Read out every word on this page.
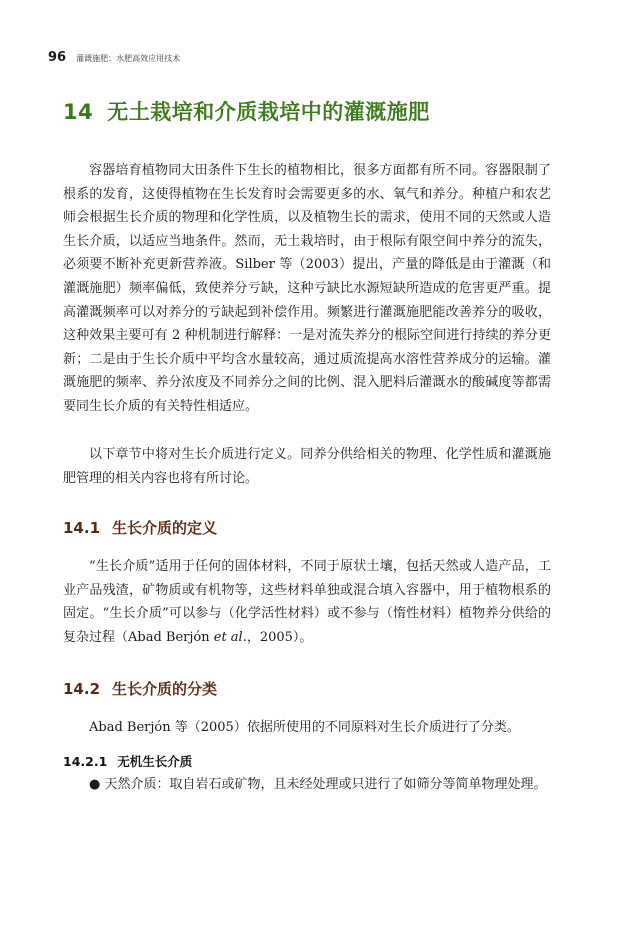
96 灌溉施肥：水肥高效应用技术
14 无土栽培和介质栽培中的灌溉施肥

容器培育植物同大田条件下生长的植物相比，很多方面都有所不同。容器限制了根系的发育，这使得植物在生长发育时会需要更多的水、氧气和养分。种植户和农艺师会根据生长介质的物理和化学性质，以及植物生长的需求，使用不同的天然或人造生长介质，以适应当地条件。然而，无土栽培时，由于根际有限空间中养分的流失，必须要不断补充更新营养液。Silber 等（2003）提出，产量的降低是由于灌溉（和灌溉施肥）频率偏低，致使养分亏缺，这种亏缺比水源短缺所造成的危害更严重。提高灌溉频率可以对养分的亏缺起到补偿作用。频繁进行灌溉施肥能改善养分的吸收，这种效果主要可有 2 种机制进行解释：一是对流失养分的根际空间进行持续的养分更新；二是由于生长介质中平均含水量较高，通过质流提高水溶性营养成分的运输。灌溉施肥的频率、养分浓度及不同养分之间的比例、混入肥料后灌溉水的酸碱度等都需要同生长介质的有关特性相适应。

以下章节中将对生长介质进行定义。同养分供给相关的物理、化学性质和灌溉施肥管理的相关内容也将有所讨论。

14.1 生长介质的定义

“生长介质”适用于任何的固体材料，不同于原状土壤，包括天然或人造产品，工业产品残渣，矿物质或有机物等，这些材料单独或混合填入容器中，用于植物根系的固定。“生长介质”可以参与（化学活性材料）或不参与（惰性材料）植物养分供给的复杂过程（Abad Berjón et al.，2005）。

14.2 生长介质的分类

Abad Berjón 等（2005）依据所使用的不同原料对生长介质进行了分类。

14.2.1 无机生长介质

● 天然介质：取自岩石或矿物，且未经处理或只进行了如筛分等简单物理处理。
